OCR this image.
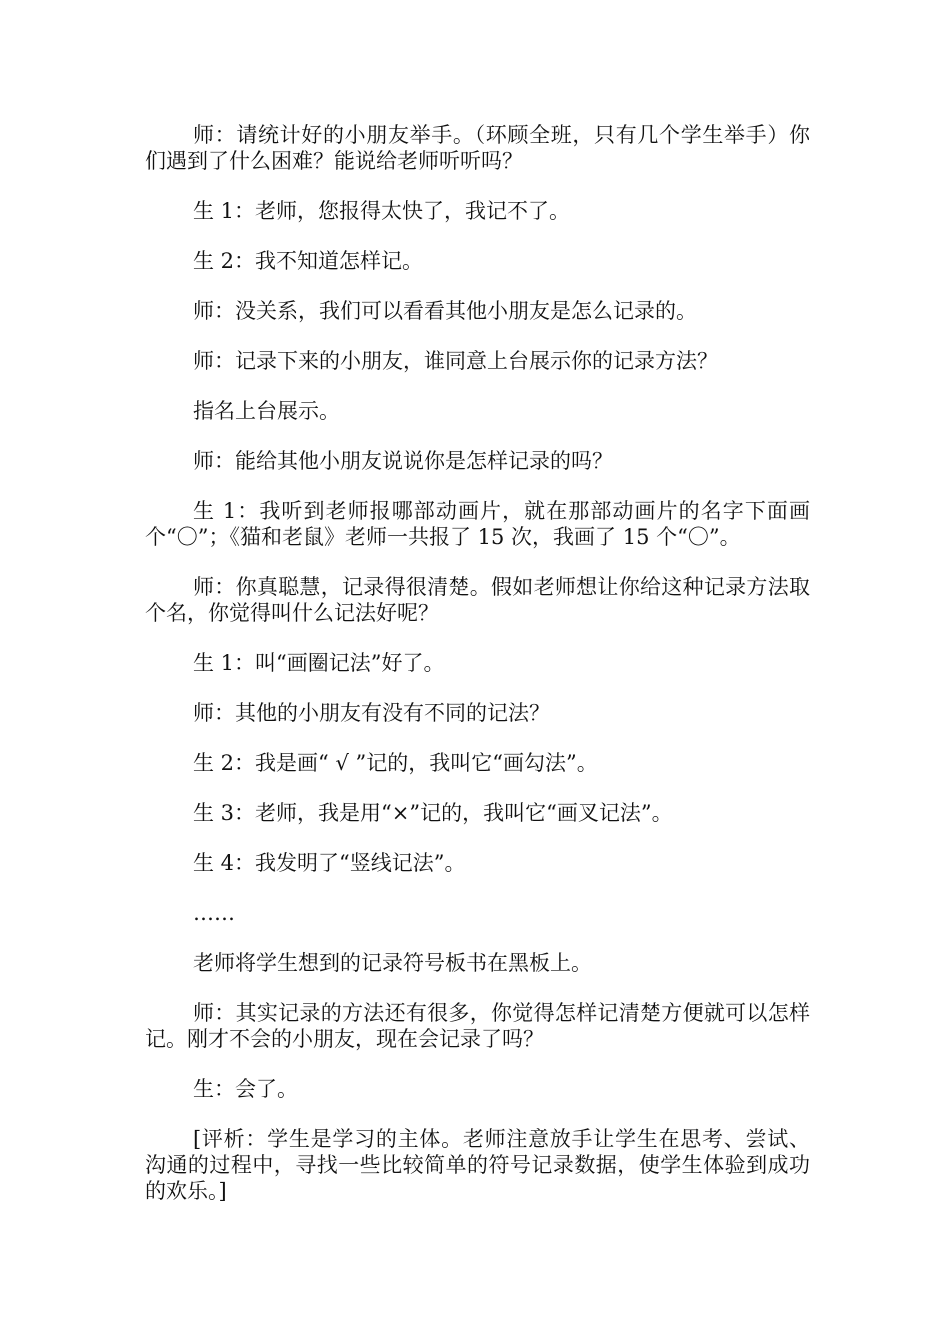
师：请统计好的小朋友举手。（环顾全班，只有几个学生举手）你们遇到了什么困难？能说给老师听听吗？

生 1：老师，您报得太快了，我记不了。

生 2：我不知道怎样记。

师：没关系，我们可以看看其他小朋友是怎么记录的。

师：记录下来的小朋友，谁同意上台展示你的记录方法？

指名上台展示。

师：能给其他小朋友说说你是怎样记录的吗？

生 1：我听到老师报哪部动画片，就在那部动画片的名字下面画个“〇”；《猫和老鼠》老师一共报了 15 次，我画了 15 个“〇”。

师：你真聪慧，记录得很清楚。假如老师想让你给这种记录方法取个名，你觉得叫什么记法好呢？

生 1：叫“画圈记法”好了。

师：其他的小朋友有没有不同的记法？

生 2：我是画“ √ ”记的，我叫它“画勾法”。

生 3：老师，我是用“×”记的，我叫它“画叉记法”。

生 4：我发明了“竖线记法”。

……

老师将学生想到的记录符号板书在黑板上。

师：其实记录的方法还有很多，你觉得怎样记清楚方便就可以怎样记。刚才不会的小朋友，现在会记录了吗？

生：会了。

[评析：学生是学习的主体。老师注意放手让学生在思考、尝试、沟通的过程中，寻找一些比较简单的符号记录数据，使学生体验到成功的欢乐。]
